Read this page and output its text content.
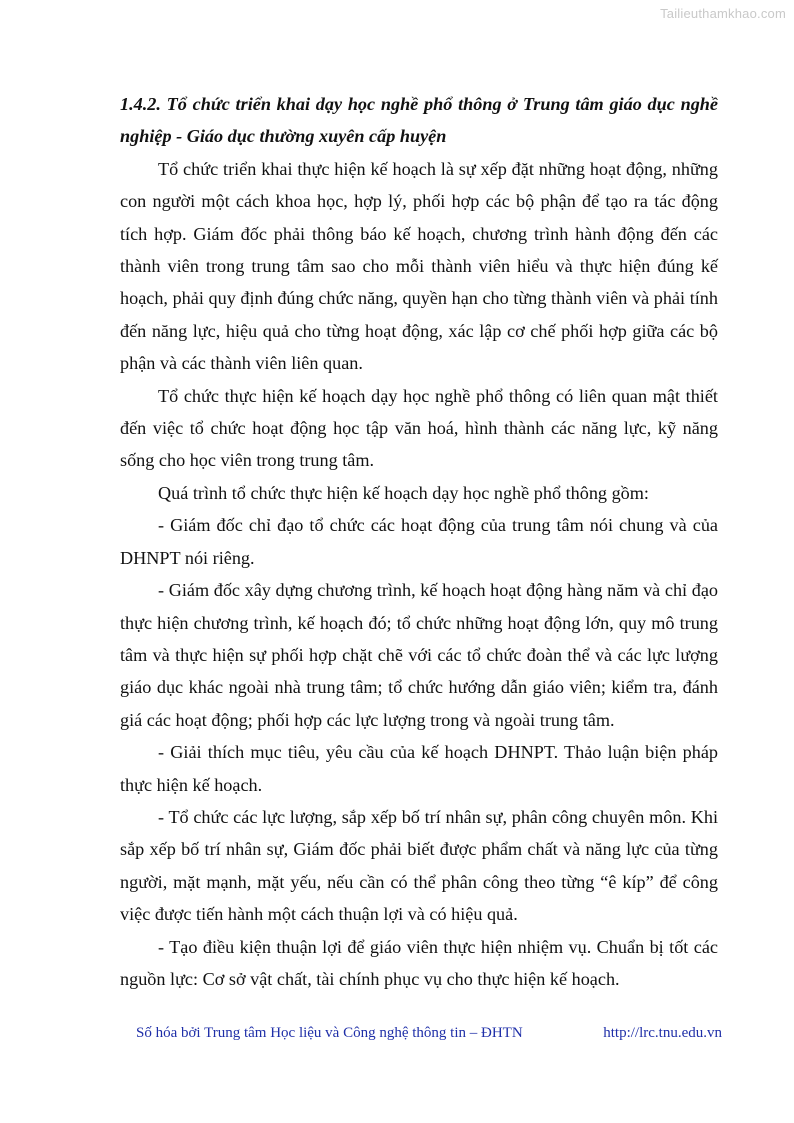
Tailieuthamkhao.com

1.4.2. Tổ chức triển khai dạy học nghề phổ thông ở Trung tâm giáo dục nghề nghiệp - Giáo dục thường xuyên cấp huyện

Tổ chức triển khai thực hiện kế hoạch là sự xếp đặt những hoạt động, những con người một cách khoa học, hợp lý, phối hợp các bộ phận để tạo ra tác động tích hợp. Giám đốc phải thông báo kế hoạch, chương trình hành động đến các thành viên trong trung tâm sao cho mỗi thành viên hiểu và thực hiện đúng kế hoạch, phải quy định đúng chức năng, quyền hạn cho từng thành viên và phải tính đến năng lực, hiệu quả cho từng hoạt động, xác lập cơ chế phối hợp giữa các bộ phận và các thành viên liên quan.

Tổ chức thực hiện kế hoạch dạy học nghề phổ thông có liên quan mật thiết đến việc tổ chức hoạt động học tập văn hoá, hình thành các năng lực, kỹ năng sống cho học viên trong trung tâm.

Quá trình tổ chức thực hiện kế hoạch dạy học nghề phổ thông gồm:

- Giám đốc chỉ đạo tổ chức các hoạt động của trung tâm nói chung và của DHNPT nói riêng.

- Giám đốc xây dựng chương trình, kế hoạch hoạt động hàng năm và chỉ đạo thực hiện chương trình, kế hoạch đó; tổ chức những hoạt động lớn, quy mô trung tâm và thực hiện sự phối hợp chặt chẽ với các tổ chức đoàn thể và các lực lượng giáo dục khác ngoài nhà trung tâm; tổ chức hướng dẫn giáo viên; kiểm tra, đánh giá các hoạt động; phối hợp các lực lượng trong và ngoài trung tâm.

- Giải thích mục tiêu, yêu cầu của kế hoạch DHNPT. Thảo luận biện pháp thực hiện kế hoạch.

- Tổ chức các lực lượng, sắp xếp bố trí nhân sự, phân công chuyên môn. Khi sắp xếp bố trí nhân sự, Giám đốc phải biết được phẩm chất và năng lực của từng người, mặt mạnh, mặt yếu, nếu cần có thể phân công theo từng “ê kíp” để công việc được tiến hành một cách thuận lợi và có hiệu quả.

- Tạo điều kiện thuận lợi để giáo viên thực hiện nhiệm vụ. Chuẩn bị tốt các nguồn lực: Cơ sở vật chất, tài chính phục vụ cho thực hiện kế hoạch.

Số hóa bởi Trung tâm Học liệu và Công nghệ thông tin – ĐHTN	http://lrc.tnu.edu.vn
